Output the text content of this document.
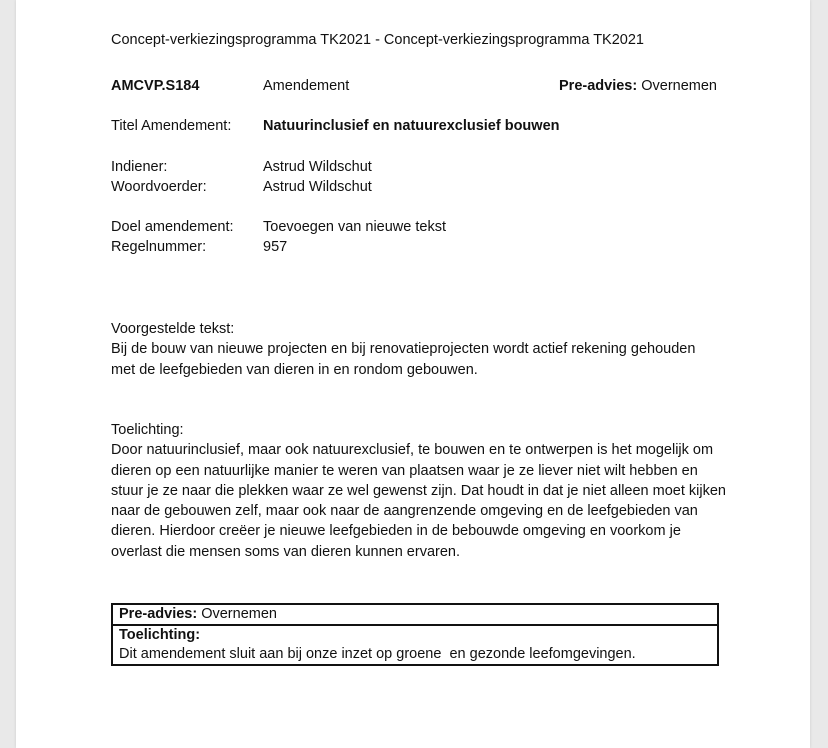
Concept-verkiezingsprogramma TK2021 - Concept-verkiezingsprogramma TK2021
AMCVP.S184	Amendement	Pre-advies: Overnemen
Titel Amendement: Natuurinclusief en natuurexclusief bouwen
Indiener:	Astrud Wildschut
Woordvoerder:	Astrud Wildschut
Doel amendement: Toevoegen van nieuwe tekst
Regelnummer:	957

Voorgestelde tekst:

Bij de bouw van nieuwe projecten en bij renovatieprojecten wordt actief rekening gehouden

met de leefgebieden van dieren in en rondom gebouwen.

Toelichting:

Door natuurinclusief, maar ook natuurexclusief, te bouwen en te ontwerpen is het mogelijk om

dieren op een natuurlijke manier te weren van plaatsen waar je ze liever niet wilt hebben en

stuur je ze naar die plekken waar ze wel gewenst zijn. Dat houdt in dat je niet alleen moet kijken

naar de gebouwen zelf, maar ook naar de aangrenzende omgeving en de leefgebieden van

dieren. Hierdoor creëer je nieuwe leefgebieden in de bebouwde omgeving en voorkom je

overlast die mensen soms van dieren kunnen ervaren.

Pre-advies: Overnemen
Toelichting:
Dit amendement sluit aan bij onze inzet op groene  en gezonde leefomgevingen.
